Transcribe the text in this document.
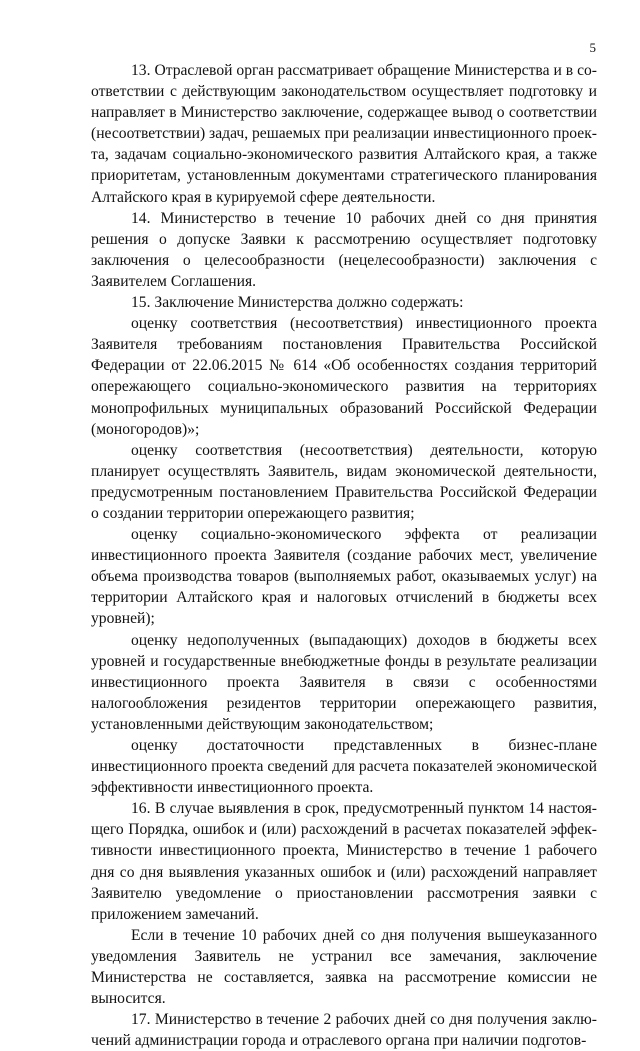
5

13. Отраслевой орган рассматривает обращение Министерства и в соответствии с действующим законодательством осуществляет подготовку и направляет в Министерство заключение, содержащее вывод о соответствии (несоответствии) задач, решаемых при реализации инвестиционного проекта, задачам социально-экономического развития Алтайского края, а также приоритетам, установленным документами стратегического планирования Алтайского края в курируемой сфере деятельности.

14. Министерство в течение 10 рабочих дней со дня принятия решения о допуске Заявки к рассмотрению осуществляет подготовку заключения о целесообразности (нецелесообразности) заключения с Заявителем Соглашения.

15. Заключение Министерства должно содержать:

оценку соответствия (несоответствия) инвестиционного проекта Заявителя требованиям постановления Правительства Российской Федерации от 22.06.2015 № 614 «Об особенностях создания территорий опережающего социально-экономического развития на территориях монопрофильных муниципальных образований Российской Федерации (моногородов)»;

оценку соответствия (несоответствия) деятельности, которую планирует осуществлять Заявитель, видам экономической деятельности, предусмотренным постановлением Правительства Российской Федерации о создании территории опережающего развития;

оценку социально-экономического эффекта от реализации инвестиционного проекта Заявителя (создание рабочих мест, увеличение объема производства товаров (выполняемых работ, оказываемых услуг) на территории Алтайского края и налоговых отчислений в бюджеты всех уровней);

оценку недополученных (выпадающих) доходов в бюджеты всех уровней и государственные внебюджетные фонды в результате реализации инвестиционного проекта Заявителя в связи с особенностями налогообложения резидентов территории опережающего развития, установленными действующим законодательством;

оценку достаточности представленных в бизнес-плане инвестиционного проекта сведений для расчета показателей экономической эффективности инвестиционного проекта.

16. В случае выявления в срок, предусмотренный пунктом 14 настоящего Порядка, ошибок и (или) расхождений в расчетах показателей эффективности инвестиционного проекта, Министерство в течение 1 рабочего дня со дня выявления указанных ошибок и (или) расхождений направляет Заявителю уведомление о приостановлении рассмотрения заявки с приложением замечаний.

Если в течение 10 рабочих дней со дня получения вышеуказанного уведомления Заявитель не устранил все замечания, заключение Министерства не составляется, заявка на рассмотрение комиссии не выносится.

17. Министерство в течение 2 рабочих дней со дня получения заключений администрации города и отраслевого органа при наличии подготов-
